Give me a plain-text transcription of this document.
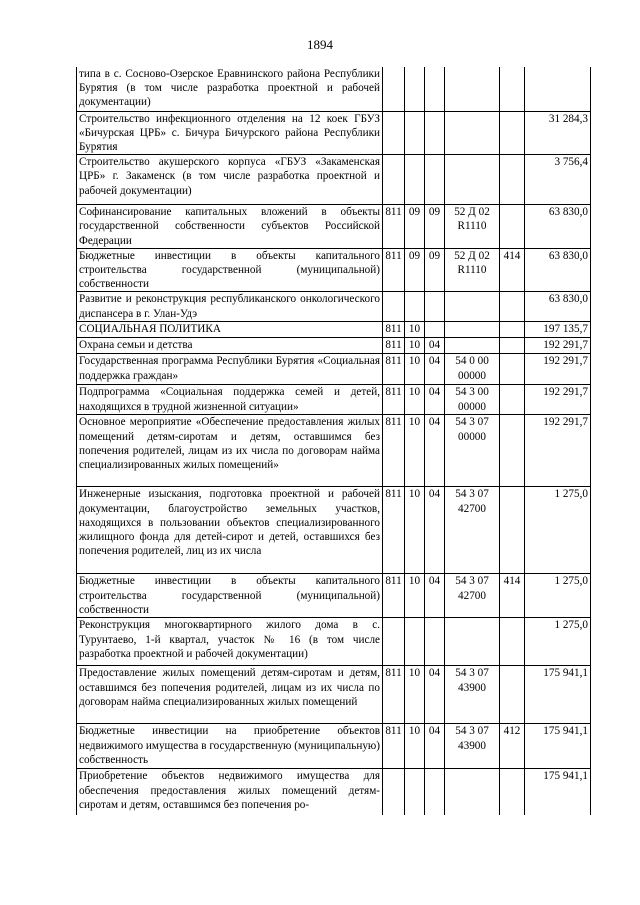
1894
типа в с. Сосново-Озерское Еравнинского района Республики Бурятия (в том числе разработка проектной и рабочей документации)						
Строительство инфекционного отделения на 12 коек ГБУЗ «Бичурская ЦРБ» с. Бичура Бичурского района Республики Бурятия						31 284,3
Строительство акушерского корпуса «ГБУЗ «Закаменская ЦРБ» г. Закаменск (в том числе разработка проектной и рабочей документации)						3 756,4
Софинансирование капитальных вложений в объекты государственной собственности субъектов Российской Федерации	811	09	09	52 Д 02 R1110		63 830,0
Бюджетные инвестиции в объекты капитального строительства государственной (муниципальной) собственности	811	09	09	52 Д 02 R1110	414	63 830,0
Развитие и реконструкция республиканского онкологического диспансера в г. Улан-Удэ						63 830,0
СОЦИАЛЬНАЯ ПОЛИТИКА	811	10				197 135,7
Охрана семьи и детства	811	10	04			192 291,7
Государственная программа Республики Бурятия «Социальная поддержка граждан»	811	10	04	54 0 00 00000		192 291,7
Подпрограмма «Социальная поддержка семей и детей, находящихся в трудной жизненной ситуации»	811	10	04	54 3 00 00000		192 291,7
Основное мероприятие «Обеспечение предоставления жилых помещений детям-сиротам и детям, оставшимся без попечения родителей, лицам из их числа по договорам найма специализированных жилых помещений»	811	10	04	54 3 07 00000		192 291,7
Инженерные изыскания, подготовка проектной и рабочей документации, благоустройство земельных участков, находящихся в пользовании объектов специализированного жилищного фонда для детей-сирот и детей, оставшихся без попечения родителей, лиц из их числа	811	10	04	54 3 07 42700		1 275,0
Бюджетные инвестиции в объекты капитального строительства государственной (муниципальной) собственности	811	10	04	54 3 07 42700	414	1 275,0
Реконструкция многоквартирного жилого дома в с. Турунтаево, 1-й квартал, участок № 16 (в том числе разработка проектной и рабочей документации)						1 275,0
Предоставление жилых помещений детям-сиротам и детям, оставшимся без попечения родителей, лицам из их числа по договорам найма специализированных жилых помещений	811	10	04	54 3 07 43900		175 941,1
Бюджетные инвестиции на приобретение объектов недвижимого имущества в государственную (муниципальную) собственность	811	10	04	54 3 07 43900	412	175 941,1
Приобретение объектов недвижимого имущества для обеспечения предоставления жилых помещений детям-сиротам и детям, оставшимся без попечения ро-						175 941,1
